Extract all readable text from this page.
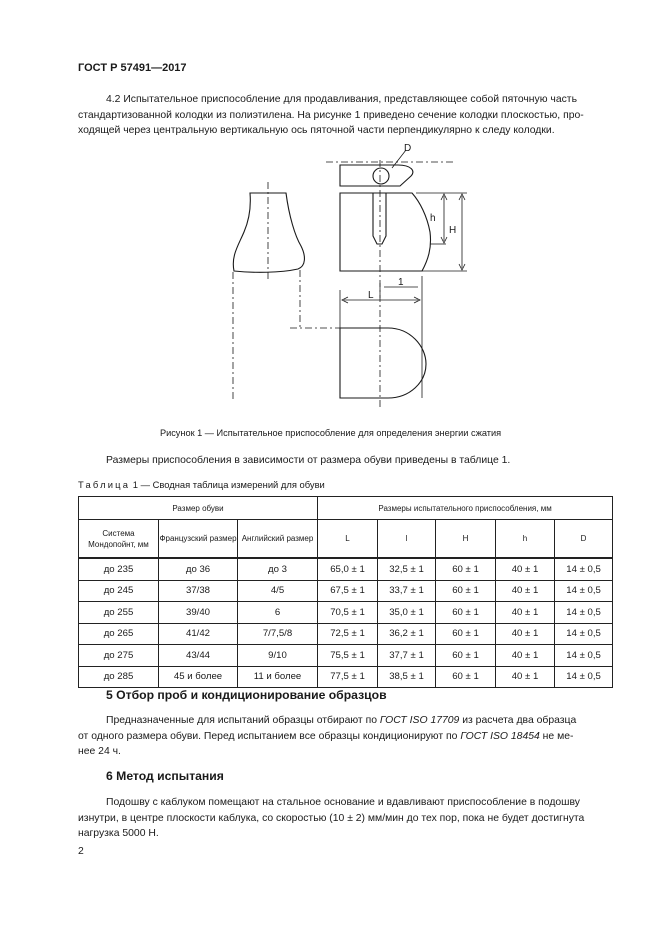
ГОСТ Р 57491—2017
4.2 Испытательное приспособление для продавливания, представляющее собой пяточную часть
стандартизованной колодки из полиэтилена. На рисунке 1 приведено сечение колодки плоскостью, про-
ходящей через центральную вертикальную ось пяточной части перпендикулярно к следу колодки.
D
h
H
L
1
Рисунок 1 — Испытательное приспособление для определения энергии сжатия
Размеры приспособления в зависимости от размера обуви приведены в таблице 1.
Таблица 1 — Сводная таблица измерений для обуви
Размер обуви			Размеры испытательного приспособления, мм				
Система Мондопойнт, мм	Французский размер	Английский размер	L	l	H	h	D
до 235	до 36	до 3	65,0 ± 1	32,5 ± 1	60 ± 1	40 ± 1	14 ± 0,5
до 245	37/38	4/5	67,5 ± 1	33,7 ± 1	60 ± 1	40 ± 1	14 ± 0,5
до 255	39/40	6	70,5 ± 1	35,0 ± 1	60 ± 1	40 ± 1	14 ± 0,5
до 265	41/42	7/7,5/8	72,5 ± 1	36,2 ± 1	60 ± 1	40 ± 1	14 ± 0,5
до 275	43/44	9/10	75,5 ± 1	37,7 ± 1	60 ± 1	40 ± 1	14 ± 0,5
до 285	45 и более	11 и более	77,5 ± 1	38,5 ± 1	60 ± 1	40 ± 1	14 ± 0,5
5 Отбор проб и кондиционирование образцов
Предназначенные для испытаний образцы отбирают по ГОСТ ISO 17709 из расчета два образца
от одного размера обуви. Перед испытанием все образцы кондиционируют по ГОСТ ISO 18454 не ме-
нее 24 ч.
6 Метод испытания
Подошву с каблуком помещают на стальное основание и вдавливают приспособление в подошву
изнутри, в центре плоскости каблука, со скоростью (10 ± 2) мм/мин до тех пор, пока не будет достигнута
нагрузка 5000 Н.
2
